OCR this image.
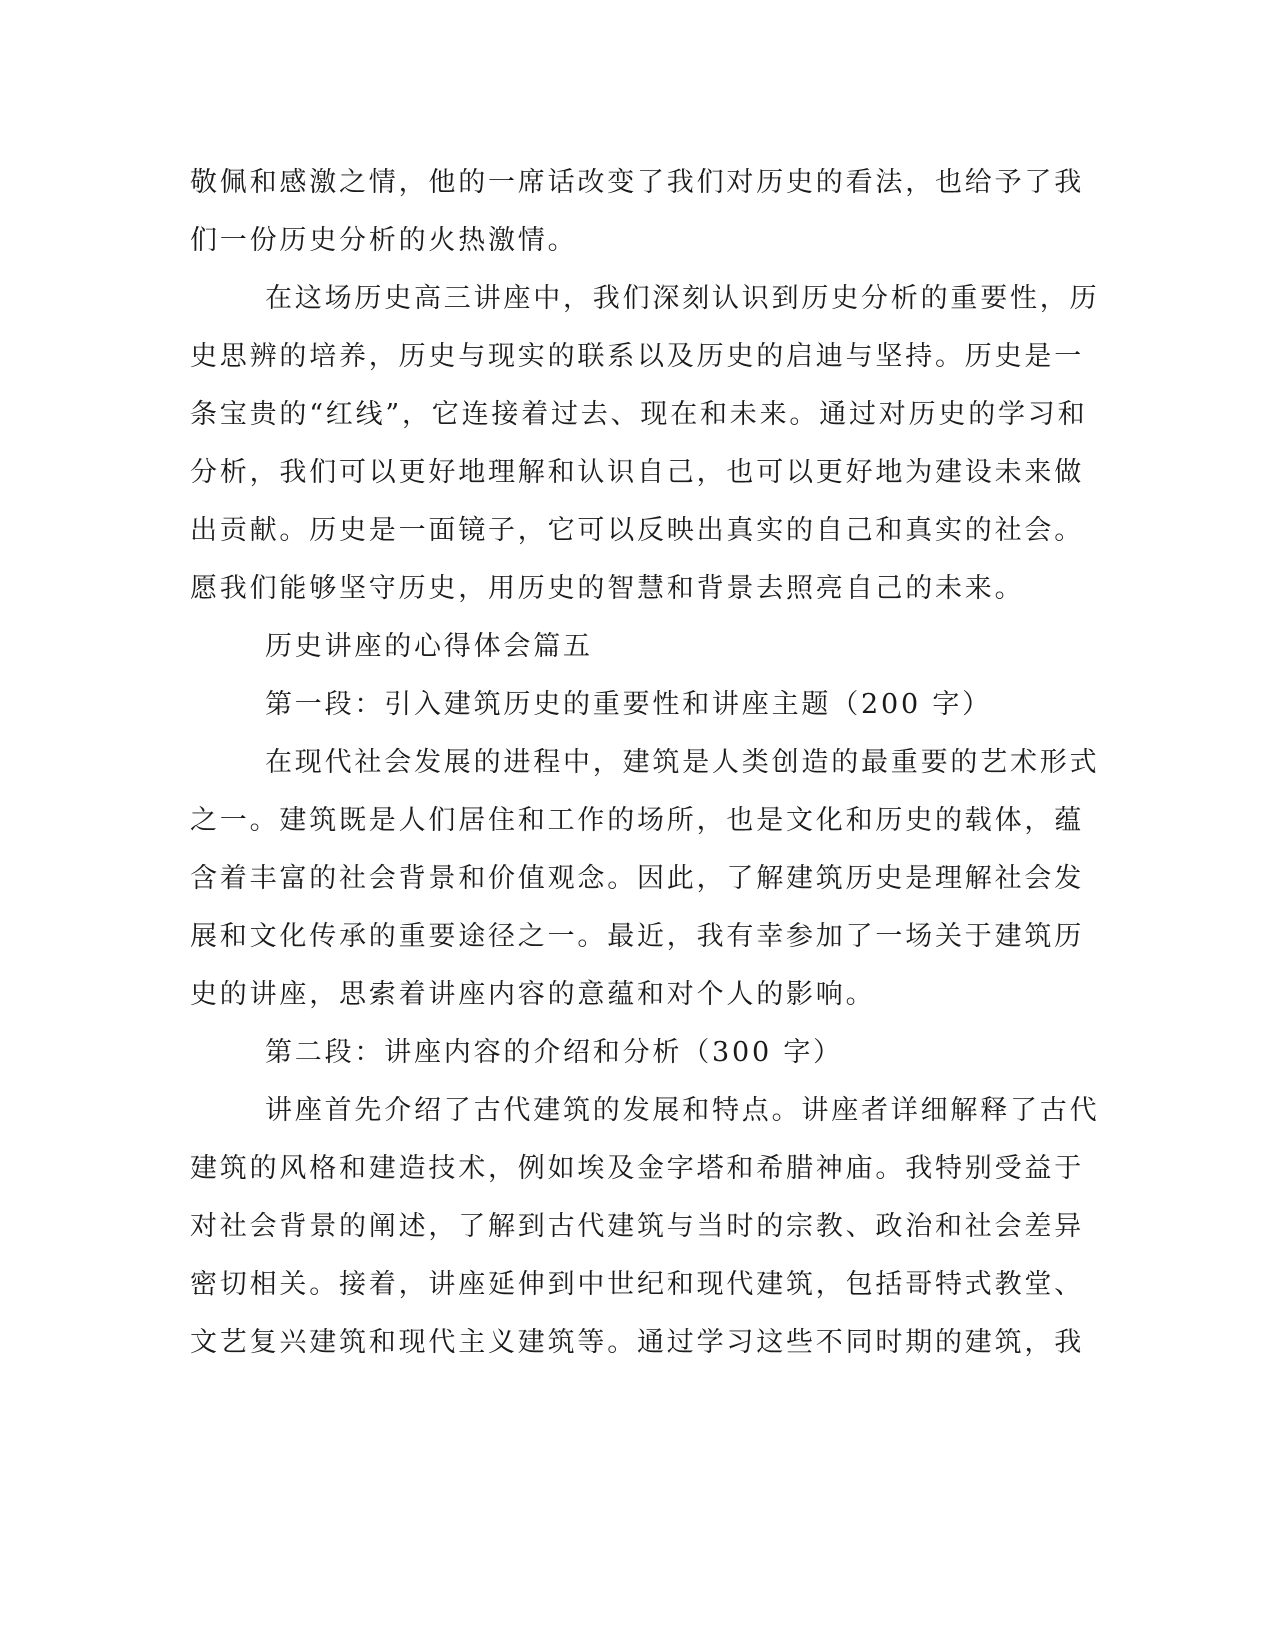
敬佩和感激之情，他的一席话改变了我们对历史的看法，也给予了我
们一份历史分析的火热激情。
在这场历史高三讲座中，我们深刻认识到历史分析的重要性，历
史思辨的培养，历史与现实的联系以及历史的启迪与坚持。历史是一
条宝贵的“红线”，它连接着过去、现在和未来。通过对历史的学习和
分析，我们可以更好地理解和认识自己，也可以更好地为建设未来做
出贡献。历史是一面镜子，它可以反映出真实的自己和真实的社会。
愿我们能够坚守历史，用历史的智慧和背景去照亮自己的未来。
历史讲座的心得体会篇五
第一段：引入建筑历史的重要性和讲座主题（200 字）
在现代社会发展的进程中，建筑是人类创造的最重要的艺术形式
之一。建筑既是人们居住和工作的场所，也是文化和历史的载体，蕴
含着丰富的社会背景和价值观念。因此，了解建筑历史是理解社会发
展和文化传承的重要途径之一。最近，我有幸参加了一场关于建筑历
史的讲座，思索着讲座内容的意蕴和对个人的影响。
第二段：讲座内容的介绍和分析（300 字）
讲座首先介绍了古代建筑的发展和特点。讲座者详细解释了古代
建筑的风格和建造技术，例如埃及金字塔和希腊神庙。我特别受益于
对社会背景的阐述，了解到古代建筑与当时的宗教、政治和社会差异
密切相关。接着，讲座延伸到中世纪和现代建筑，包括哥特式教堂、
文艺复兴建筑和现代主义建筑等。通过学习这些不同时期的建筑，我
